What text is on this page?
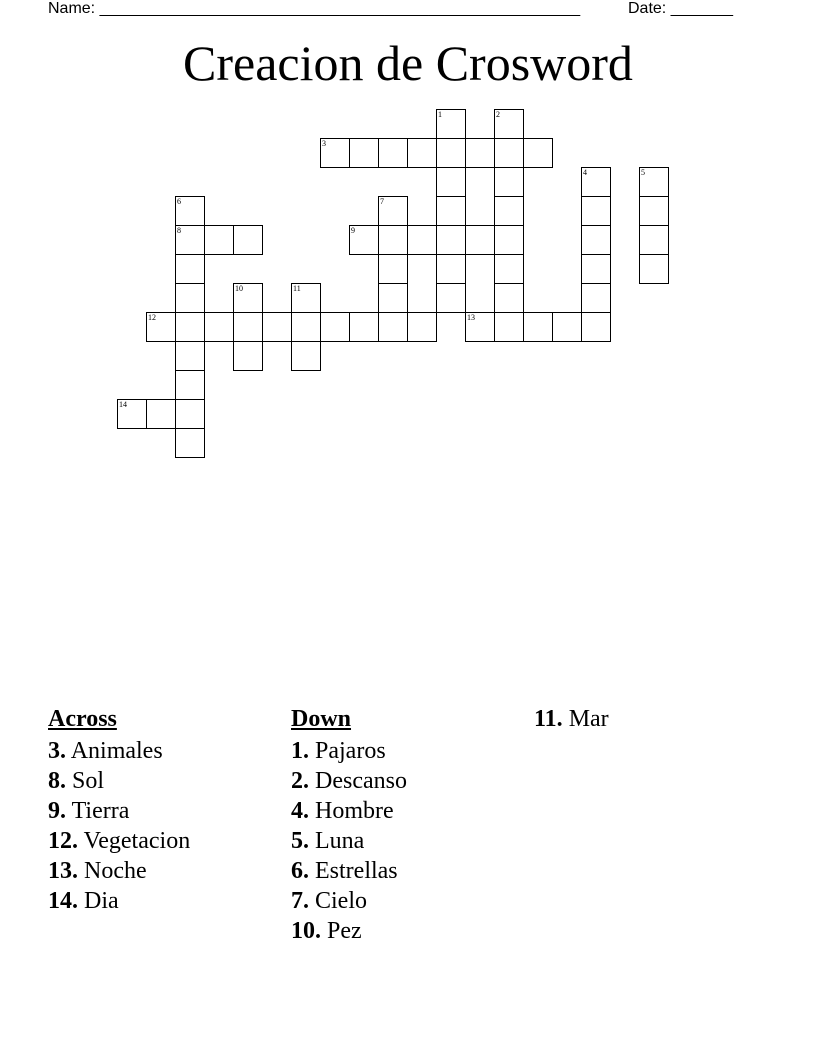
Name: ______________________________________________________	Date: _______
Creacion de Crosword
1	2
3
4	5
6	7
8	9
10	11
12	13
14
Across
3. Animales
8. Sol
9. Tierra
12. Vegetacion
13. Noche
14. Dia
Down
1. Pajaros
2. Descanso
4. Hombre
5. Luna
6. Estrellas
7. Cielo
10. Pez
11. Mar
